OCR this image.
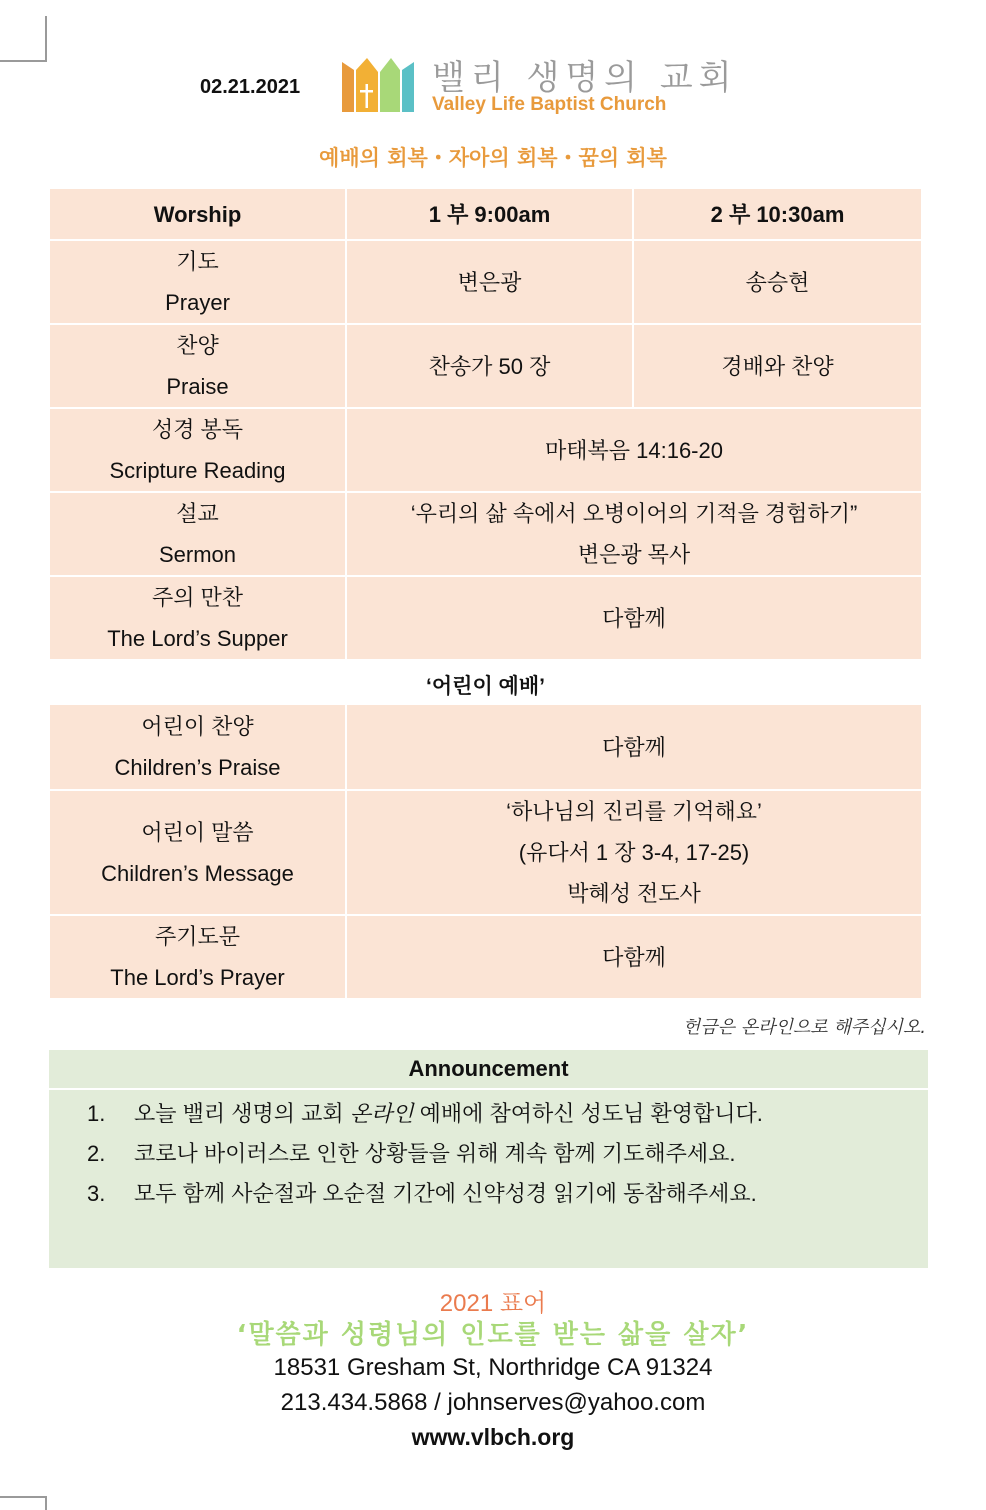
02.21.2021	밸리 생명의 교회
Valley Life Baptist Church
예배의 회복・자아의 회복・꿈의 회복
Worship	1 부 9:00am	2 부 10:30am

기도
Prayer	변은광	송승현

찬양
Praise	찬송가 50 장	경배와 찬양

성경 봉독
Scripture Reading	마태복음 14:16-20	

설교
Sermon	‘우리의 삶 속에서 오병이어의 기적을 경험하기”
변은광 목사	

주의 만찬
The Lord’s Supper	다함께	
‘어린이 예배’
어린이 찬양
Children’s Praise	다함께

어린이 말씀
Children’s Message	‘하나님의 진리를 기억해요’
(유다서 1 장 3-4, 17-25)
박혜성 전도사

주기도문
The Lord’s Prayer	다함께
헌금은 온라인으로 해주십시오.
Announcement
1. 오늘 밸리 생명의 교회 온라인 예배에 참여하신 성도님 환영합니다.
2. 코로나 바이러스로 인한 상황들을 위해 계속 함께 기도해주세요.
3. 모두 함께 사순절과 오순절 기간에 신약성경 읽기에 동참해주세요.
2021 표어
‘말씀과 성령님의 인도를 받는 삶을 살자’
18531 Gresham St, Northridge CA 91324
213.434.5868 / johnserves@yahoo.com
www.vlbch.org
